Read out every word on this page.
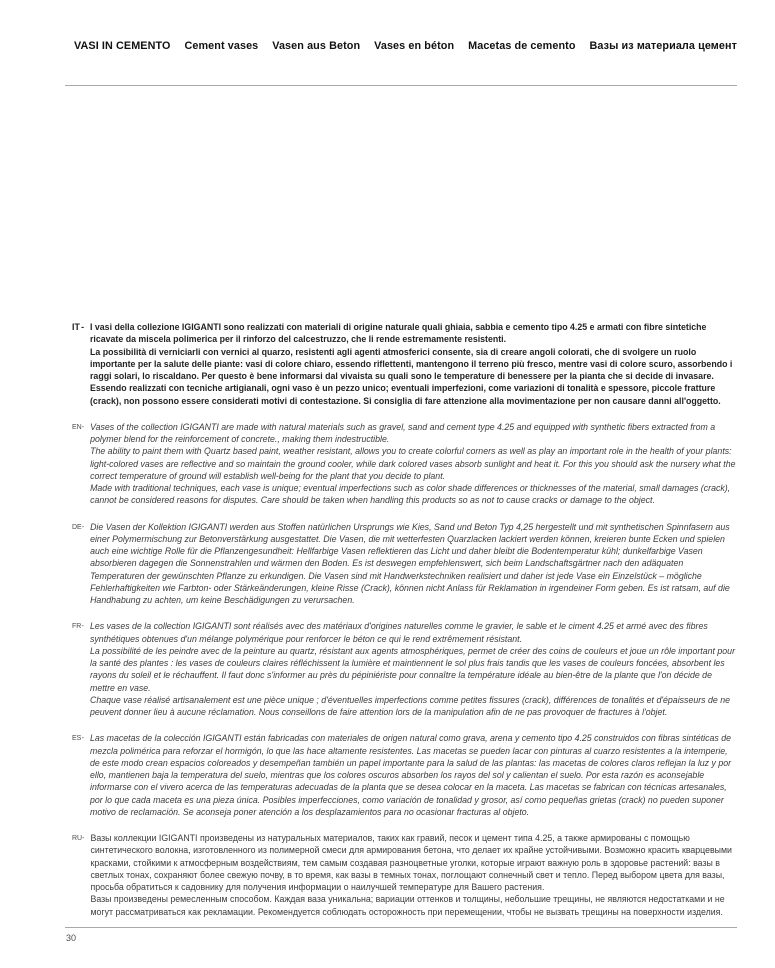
VASI IN CEMENTO Cement vases Vasen aus Beton Vases en béton Macetas de cemento Вазы из материала цемент
IT - I vasi della collezione IGIGANTI sono realizzati con materiali di origine naturale quali ghiaia, sabbia e cemento tipo 4.25 e armati con fibre sintetiche ricavate da miscela polimerica per il rinforzo del calcestruzzo, che li rende estremamente resistenti.

La possibilità di verniciarli con vernici al quarzo, resistenti agli agenti atmosferici consente, sia di creare angoli colorati, che di svolgere un ruolo importante per la salute delle piante: vasi di colore chiaro, essendo riflettenti, mantengono il terreno più fresco, mentre vasi di colore scuro, assorbendo i raggi solari, lo riscaldano. Per questo è bene informarsi dal vivaista su quali sono le temperature di benessere per la pianta che si decide di invasare.

Essendo realizzati con tecniche artigianali, ogni vaso è un pezzo unico; eventuali imperfezioni, come variazioni di tonalità e spessore, piccole fratture (crack), non possono essere considerati motivi di contestazione. Si consiglia di fare attenzione alla movimentazione per non causare danni all'oggetto.

EN - Vases of the collection IGIGANTI are made with natural materials such as gravel, sand and cement type 4.25 and equipped with synthetic fibers extracted from a polymer blend for the reinforcement of concrete., making them indestructible.

The ability to paint them with Quartz based paint, weather resistant, allows you to create colorful corners as well as play an important role in the health of your plants: light-colored vases are reflective and so maintain the ground cooler, while dark colored vases absorb sunlight and heat it. For this you should ask the nursery what the correct temperature of ground will establish well-being for the plant that you decide to plant.

Made with traditional techniques, each vase is unique; eventual imperfections such as color shade differences or thicknesses of the material, small damages (crack), cannot be considered reasons for disputes. Care should be taken when handling this products so as not to cause cracks or damage to the object.

DE - Die Vasen der Kollektion IGIGANTI werden aus Stoffen natürlichen Ursprungs wie Kies, Sand und Beton Typ 4,25 hergestellt und mit synthetischen Spinnfasern aus einer Polymermischung zur Betonverstärkung ausgestattet. Die Vasen, die mit wetterfesten Quarzlacken lackiert werden können, kreieren bunte Ecken und spielen auch eine wichtige Rolle für die Pflanzengesundheit: Hellfarbige Vasen reflektieren das Licht und daher bleibt die Bodentemperatur kühl; dunkelfarbige Vasen absorbieren dagegen die Sonnenstrahlen und wärmen den Boden. Es ist deswegen empfehlenswert, sich beim Landschaftsgärtner nach den adäquaten Temperaturen der gewünschten Pflanze zu erkundigen. Die Vasen sind mit Handwerkstechniken realisiert und daher ist jede Vase ein Einzelstück – mögliche Fehlerhaftigkeiten wie Farbton- oder Stärkeänderungen, kleine Risse (Crack), können nicht Anlass für Reklamation in irgendeiner Form geben. Es ist ratsam, auf die Handhabung zu achten, um keine Beschädigungen zu verursachen.

FR - Les vases de la collection IGIGANTI sont réalisés avec des matériaux d'origines naturelles comme le gravier, le sable et le ciment 4.25 et armé avec des fibres synthétiques obtenues d'un mélange polymérique pour renforcer le béton ce qui le rend extrêmement résistant.

La possibilité de les peindre avec de la peinture au quartz, résistant aux agents atmosphériques, permet de créer des coins de couleurs et joue un rôle important pour la santé des plantes : les vases de couleurs claires réfléchissent la lumière et maintiennent le sol plus frais tandis que les vases de couleurs foncées, absorbent les rayons du soleil et le réchauffent. Il faut donc s'informer au près du pépiniériste pour connaître la température idéale au bien-être de la plante que l'on décide de mettre en vase.

Chaque vase réalisé artisanalement est une pièce unique ; d'éventuelles imperfections comme petites fissures (crack), différences de tonalités et d'épaisseurs de ne peuvent donner lieu à aucune réclamation. Nous conseillons de faire attention lors de la manipulation afin de ne pas provoquer de fractures à l'objet.

ES - Las macetas de la colección IGIGANTI están fabricadas con materiales de origen natural como grava, arena y cemento tipo 4.25 construidos con fibras sintéticas de mezcla polimérica para reforzar el hormigón, lo que las hace altamente resistentes. Las macetas se pueden lacar con pinturas al cuarzo resistentes a la intemperie, de este modo crean espacios coloreados y desempeñan también un papel importante para la salud de las plantas: las macetas de colores claros reflejan la luz y por ello, mantienen baja la temperatura del suelo, mientras que los colores oscuros absorben los rayos del sol y calientan el suelo. Por esta razón es aconsejable informarse con el vivero acerca de las temperaturas adecuadas de la planta que se desea colocar en la maceta. Las macetas se fabrican con técnicas artesanales, por lo que cada maceta es una pieza única. Posibles imperfecciones, como variación de tonalidad y grosor, así como pequeñas grietas (crack) no pueden suponer motivo de reclamación. Se aconseja poner atención a los desplazamientos para no ocasionar fracturas al objeto.

RU - Вазы коллекции IGIGANTI произведены из натуральных материалов, таких как гравий, песок и цемент типа 4.25, а также армированы с помощью синтетического волокна, изготовленного из полимерной смеси для армирования бетона, что делает их крайне устойчивыми. Возможно красить кварцевыми красками, стойкими к атмосферным воздействиям, тем самым создавая разноцветные уголки, которые играют важную роль в здоровье растений: вазы в светлых тонах, сохраняют более свежую почву, в то время, как вазы в темных тонах, поглощают солнечный свет и тепло. Перед выбором цвета для вазы, просьба обратиться к садовнику для получения информации о наилучшей температуре для Вашего растения.

Вазы произведены ремесленным способом. Каждая ваза уникальна; вариации оттенков и толщины, небольшие трещины, не являются недостатками и не могут рассматриваться как рекламации. Рекомендуется соблюдать осторожность при перемещении, чтобы не вызвать трещины на поверхности изделия.

30
